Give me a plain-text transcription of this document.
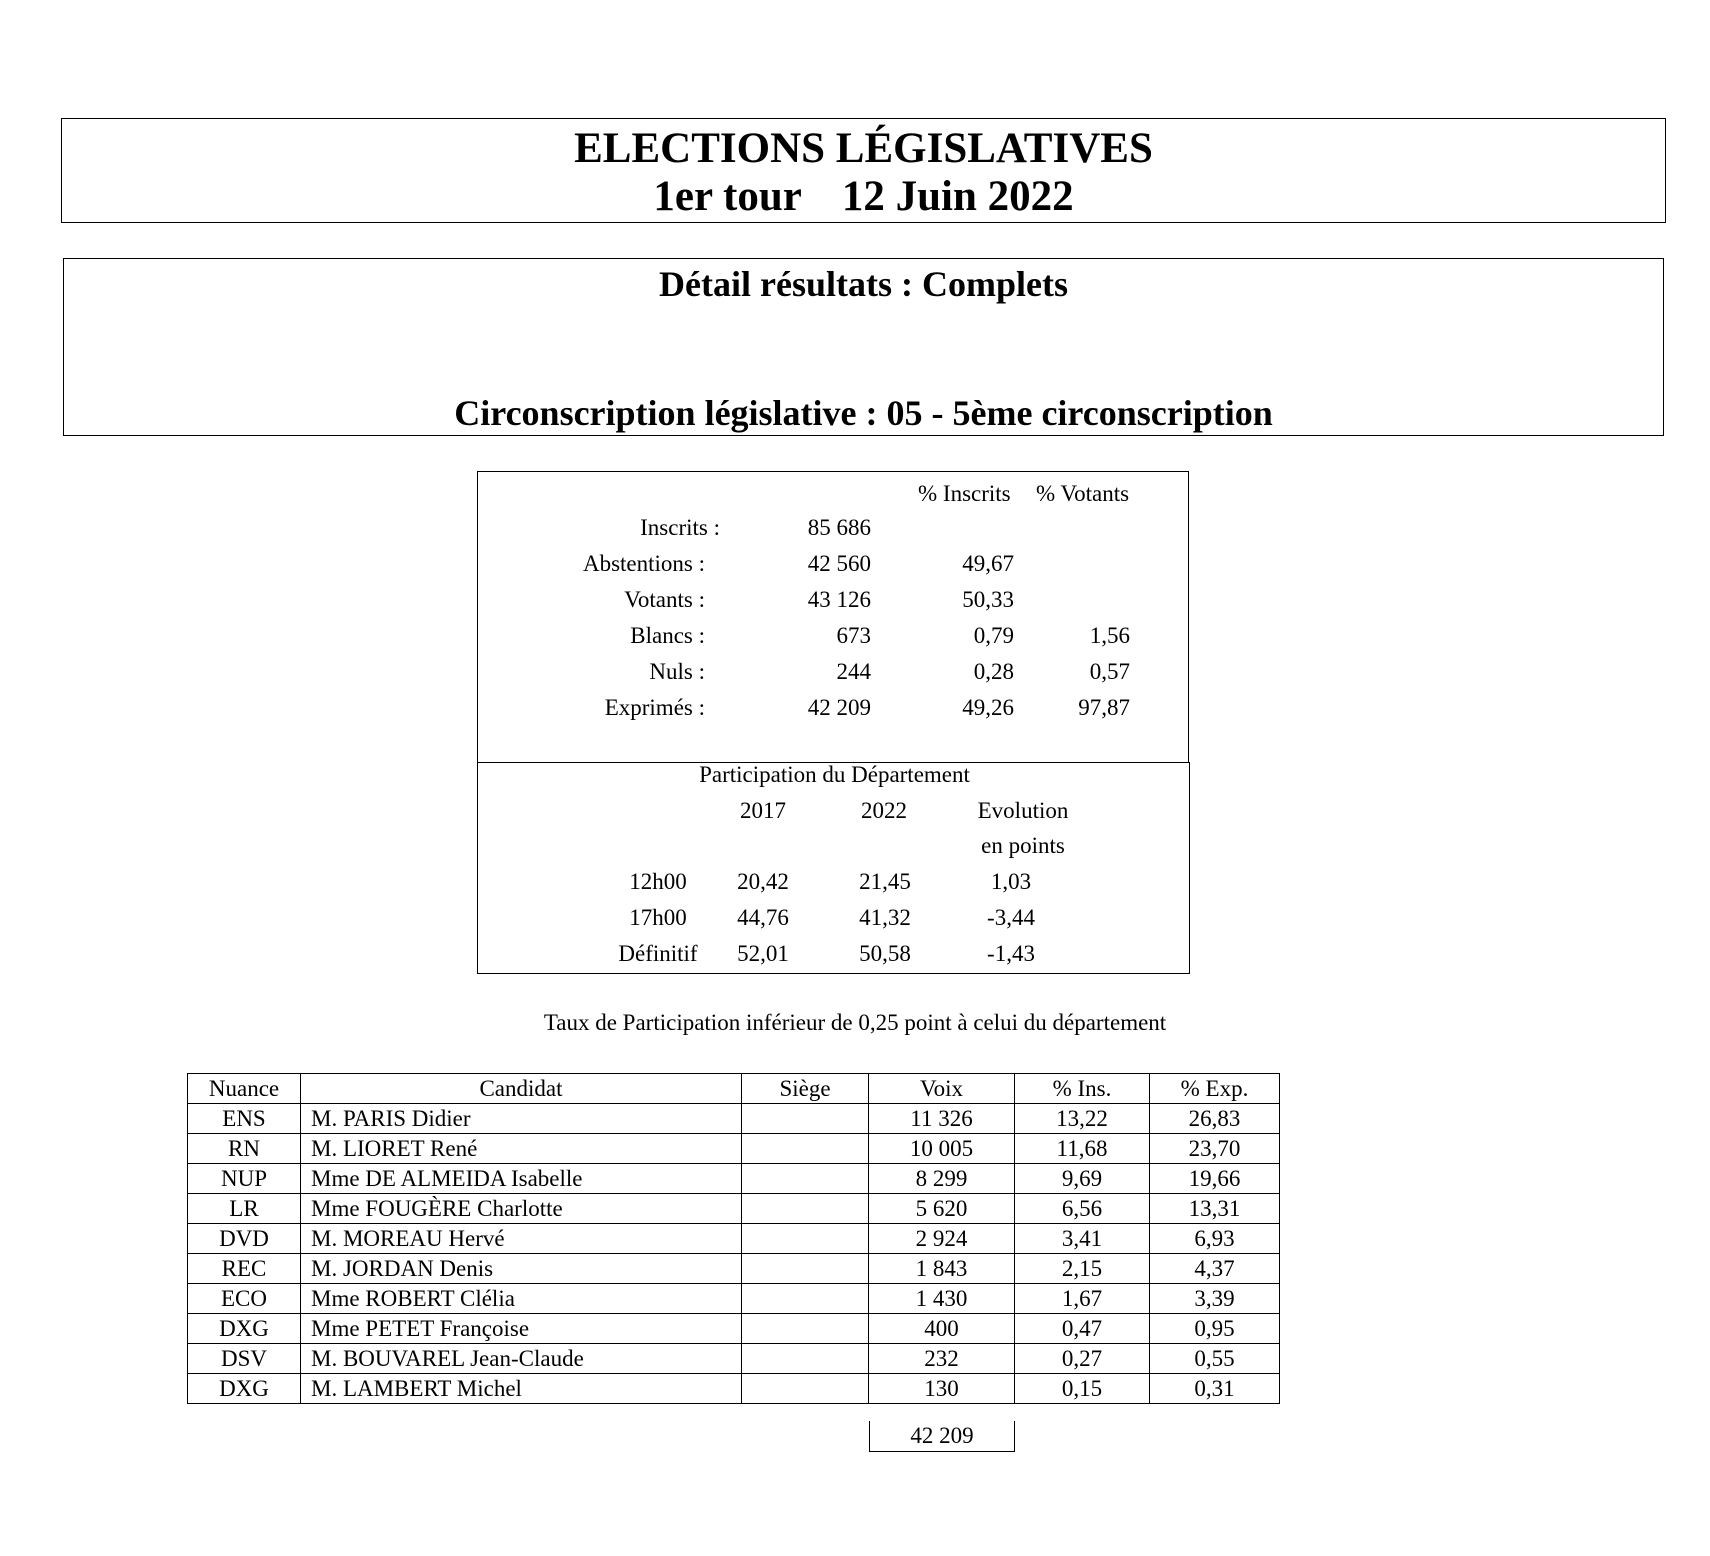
ELECTIONS LÉGISLATIVES
1er tour 12 Juin 2022
Détail résultats : Complets
Circonscription législative : 05 - 5ème circonscription
% Inscrits % Votants
Inscrits :	85 686
Abstentions :	42 560	49,67
Votants :	43 126	50,33
Blancs :	673	0,79	1,56
Nuls :	244	0,28	0,57
Exprimés :	42 209	49,26	97,87
Participation du Département
2017	2022	Evolution
en points
12h00	20,42	21,45	1,03
17h00	44,76	41,32	-3,44
Définitif	52,01	50,58	-1,43
Taux de Participation inférieur de 0,25 point à celui du département
Nuance	Candidat	Siège	Voix	% Ins.	% Exp.
ENS	M. PARIS Didier		11 326	13,22	26,83
RN	M. LIORET René		10 005	11,68	23,70
NUP	Mme DE ALMEIDA Isabelle		8 299	9,69	19,66
LR	Mme FOUGÈRE Charlotte		5 620	6,56	13,31
DVD	M. MOREAU Hervé		2 924	3,41	6,93
REC	M. JORDAN Denis		1 843	2,15	4,37
ECO	Mme ROBERT Clélia		1 430	1,67	3,39
DXG	Mme PETET Françoise		400	0,47	0,95
DSV	M. BOUVAREL Jean-Claude		232	0,27	0,55
DXG	M. LAMBERT Michel		130	0,15	0,31
42 209
